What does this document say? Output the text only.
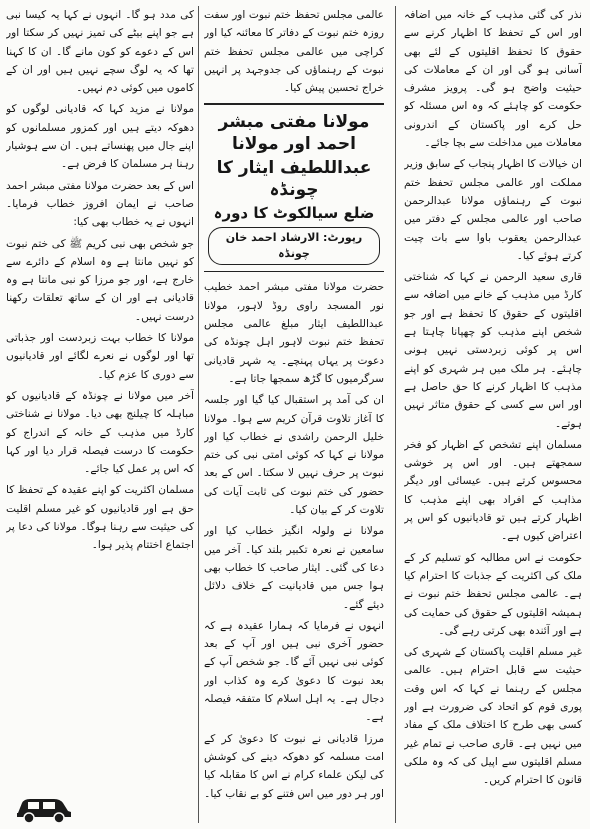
نذر کی گئی مذہب کے خانہ میں اضافہ اور اس کے تحفظ کا اظہار کرنے سے حقوق کا تحفظ اقلیتوں کے لئے بھی آسانی ہو گی اور ان کے معاملات کی حیثیت واضح ہو گی۔ پرویز مشرف حکومت کو چاہئے کہ وہ اس مسئلہ کو حل کرے اور پاکستان کے اندرونی معاملات میں مداخلت سے بچا جائے۔

ان خیالات کا اظہار پنجاب کے سابق وزیر مملکت اور عالمی مجلس تحفظ ختم نبوت کے رہنماؤں مولانا عبدالرحمن صاحب اور عالمی مجلس کے دفتر میں عبدالرحمن یعقوب باوا سے بات چیت کرتے ہوئے کیا۔

قاری سعید الرحمن نے کہا کہ شناختی کارڈ میں مذہب کے خانے میں اضافہ سے اقلیتوں کے حقوق کا تحفظ ہے اور جو شخص اپنے مذہب کو چھپانا چاہتا ہے اس پر کوئی زبردستی نہیں ہونی چاہئے۔ ہر ملک میں ہر شہری کو اپنے مذہب کا اظہار کرنے کا حق حاصل ہے اور اس سے کسی کے حقوق متاثر نہیں ہوتے۔

مسلمان اپنے تشخص کے اظہار کو فخر سمجھتے ہیں۔ اور اس پر خوشی محسوس کرتے ہیں۔ عیسائی اور دیگر مذاہب کے افراد بھی اپنے مذہب کا اظہار کرتے ہیں تو قادیانیوں کو اس پر اعتراض کیوں ہے۔

حکومت نے اس مطالبہ کو تسلیم کر کے ملک کی اکثریت کے جذبات کا احترام کیا ہے۔ عالمی مجلس تحفظ ختم نبوت نے ہمیشہ اقلیتوں کے حقوق کی حمایت کی ہے اور آئندہ بھی کرتی رہے گی۔

غیر مسلم اقلیت پاکستان کے شہری کی حیثیت سے قابل احترام ہیں۔ عالمی مجلس کے رہنما نے کہا کہ اس وقت پوری قوم کو اتحاد کی ضرورت ہے اور کسی بھی طرح کا اختلاف ملک کے مفاد میں نہیں ہے۔ قاری صاحب نے تمام غیر مسلم اقلیتوں سے اپیل کی کہ وہ ملکی قانون کا احترام کریں۔

عالمی مجلس تحفظ ختم نبوت اور سفت روزہ ختم نبوت کے دفاتر کا معائنہ کیا اور کراچی میں عالمی مجلس تحفظ ختم نبوت کے رہنماؤں کی جدوجہد پر انہیں خراج تحسین پیش کیا۔

مولانا مفتی مبشر احمد اور مولانا
عبداللطیف ایثار کا چونڈہ
ضلع سیالکوٹ کا دورہ
رپورٹ: الارشاد احمد خان چونڈہ

حضرت مولانا مفتی مبشر احمد خطیب نور المسجد راوی روڈ لاہور، مولانا عبداللطیف ایثار مبلغ عالمی مجلس تحفظ ختم نبوت لاہور اہل چونڈہ کی دعوت پر یہاں پہنچے۔ یہ شہر قادیانی سرگرمیوں کا گڑھ سمجھا جاتا ہے۔

ان کی آمد پر استقبال کیا گیا اور جلسہ کا آغاز تلاوت قرآن کریم سے ہوا۔ مولانا خلیل الرحمن راشدی نے خطاب کیا اور مولانا نے کہا کہ کوئی امتی نبی کی ختم نبوت پر حرف نہیں لا سکتا۔ اس کے بعد حضور کی ختم نبوت کی ثابت آیات کی تلاوت کر کے بیان کیا۔

مولانا نے ولولہ انگیز خطاب کیا اور سامعین نے نعرہ تکبیر بلند کیا۔ آخر میں دعا کی گئی۔ ایثار صاحب کا خطاب بھی ہوا جس میں قادیانیت کے خلاف دلائل دیئے گئے۔

انہوں نے فرمایا کہ ہمارا عقیدہ ہے کہ حضور آخری نبی ہیں اور آپ کے بعد کوئی نبی نہیں آئے گا۔ جو شخص آپ کے بعد نبوت کا دعویٰ کرے وہ کذاب اور دجال ہے۔ یہ اہل اسلام کا متفقہ فیصلہ ہے۔

مرزا قادیانی نے نبوت کا دعویٰ کر کے امت مسلمہ کو دھوکہ دینے کی کوشش کی لیکن علماء کرام نے اس کا مقابلہ کیا اور ہر دور میں اس فتنے کو بے نقاب کیا۔

کی مدد ہو گا۔ انہوں نے کہا یہ کیسا نبی ہے جو اپنے بیٹے کی تمیز نہیں کر سکتا اور اس کے دعوے کو کون مانے گا۔ ان کا کہنا تھا کہ یہ لوگ سچے نہیں ہیں اور ان کے کاموں میں کوئی دم نہیں۔

مولانا نے مزید کہا کہ قادیانی لوگوں کو دھوکہ دیتے ہیں اور کمزور مسلمانوں کو اپنے جال میں پھنساتے ہیں۔ ان سے ہوشیار رہنا ہر مسلمان کا فرض ہے۔

اس کے بعد حضرت مولانا مفتی مبشر احمد صاحب نے ایمان افروز خطاب فرمایا۔ انہوں نے یہ خطاب بھی کیا:

جو شخص بھی نبی کریم ﷺ کی ختم نبوت کو نہیں مانتا ہے وہ اسلام کے دائرے سے خارج ہے، اور جو مرزا کو نبی مانتا ہے وہ قادیانی ہے اور ان کے ساتھ تعلقات رکھنا درست نہیں۔

مولانا کا خطاب بہت زبردست اور جذباتی تھا اور لوگوں نے نعرے لگائے اور قادیانیوں سے دوری کا عزم کیا۔

آخر میں مولانا نے چونڈہ کے قادیانیوں کو مباہلہ کا چیلنج بھی دیا۔ مولانا نے شناختی کارڈ میں مذہب کے خانہ کے اندراج کو حکومت کا درست فیصلہ قرار دیا اور کہا کہ اس پر عمل کیا جائے۔

مسلمان اکثریت کو اپنے عقیدہ کے تحفظ کا حق ہے اور قادیانیوں کو غیر مسلم اقلیت کی حیثیت سے رہنا ہوگا۔ مولانا کی دعا پر اجتماع اختتام پذیر ہوا۔
